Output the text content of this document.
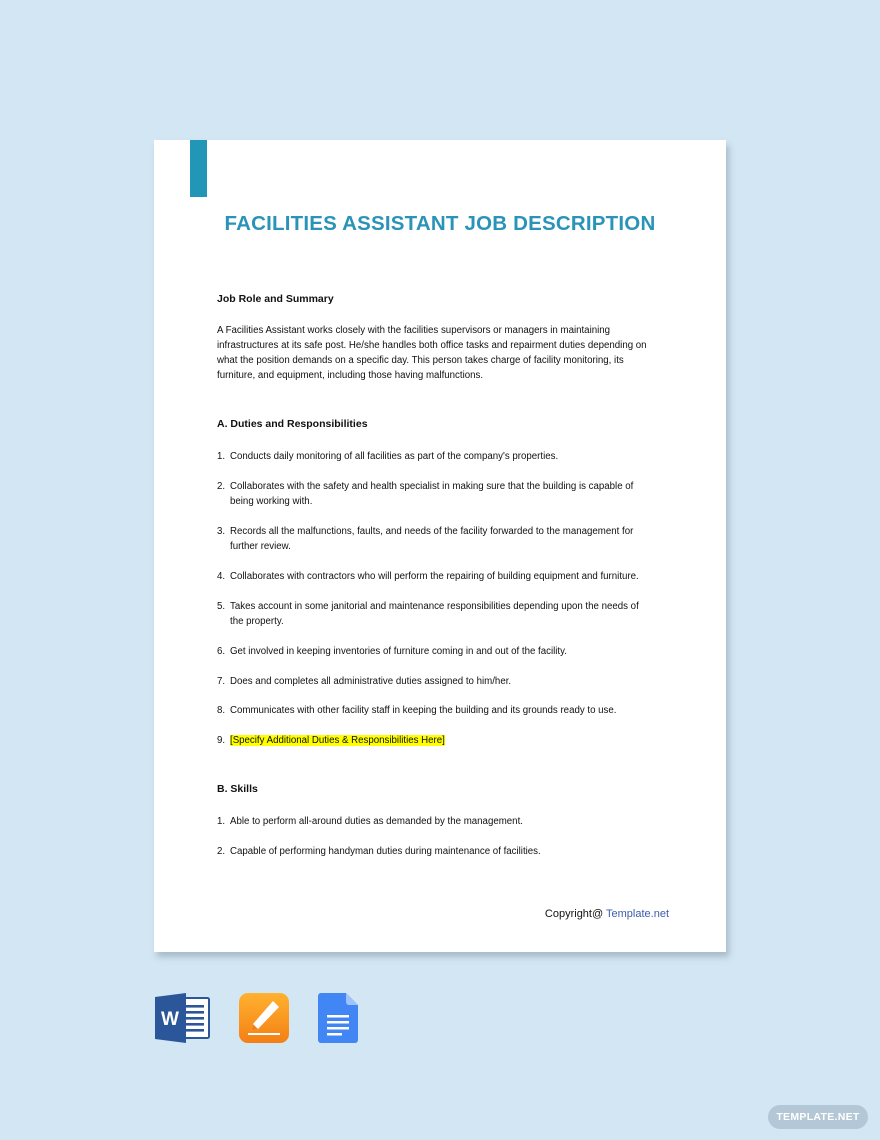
FACILITIES ASSISTANT JOB DESCRIPTION
Job Role and Summary
A Facilities Assistant works closely with the facilities supervisors or managers in maintaining
infrastructures at its safe post. He/she handles both office tasks and repairment duties depending on
what the position demands on a specific day. This person takes charge of facility monitoring, its
furniture, and equipment, including those having malfunctions.
A. Duties and Responsibilities
1. Conducts daily monitoring of all facilities as part of the company's properties.
2. Collaborates with the safety and health specialist in making sure that the building is capable of
being working with.
3. Records all the malfunctions, faults, and needs of the facility forwarded to the management for
further review.
4. Collaborates with contractors who will perform the repairing of building equipment and furniture.
5. Takes account in some janitorial and maintenance responsibilities depending upon the needs of
the property.
6. Get involved in keeping inventories of furniture coming in and out of the facility.
7. Does and completes all administrative duties assigned to him/her.
8. Communicates with other facility staff in keeping the building and its grounds ready to use.
9. [Specify Additional Duties & Responsibilities Here]
B. Skills
1. Able to perform all-around duties as demanded by the management.
2. Capable of performing handyman duties during maintenance of facilities.
Copyright@ Template.net
W
TEMPLATE.NET
